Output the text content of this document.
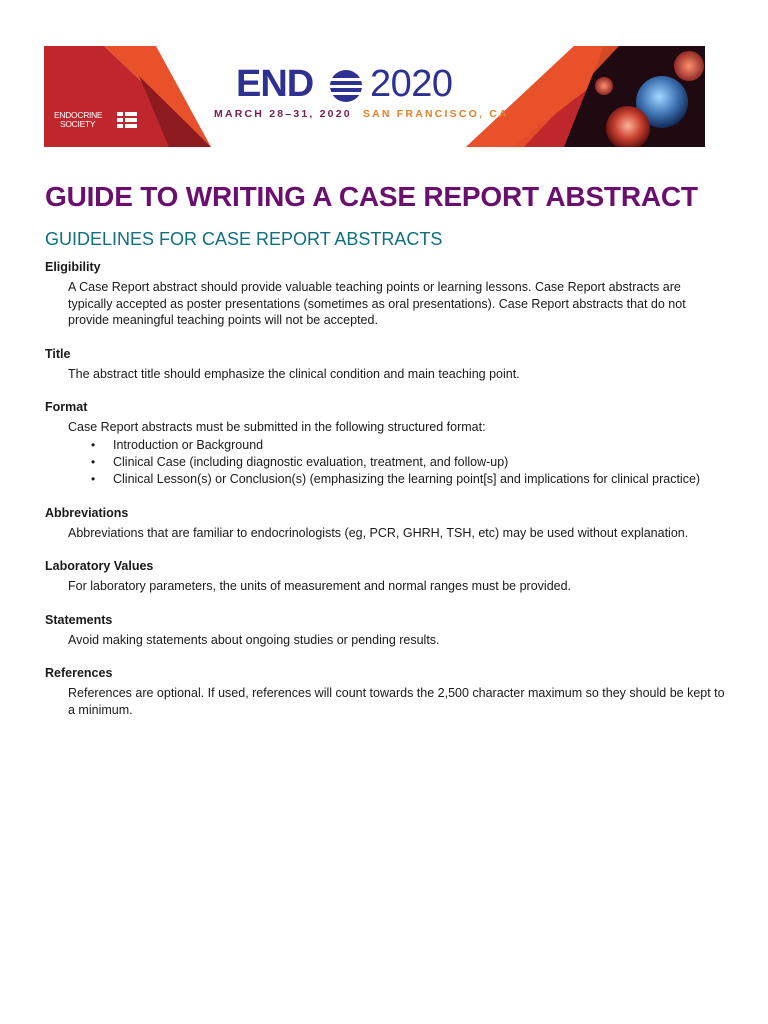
ENDOCRINE
SOCIETY
END 2020
MARCH 28–31, 2020 SAN FRANCISCO, CA
GUIDE TO WRITING A CASE REPORT ABSTRACT
GUIDELINES FOR CASE REPORT ABSTRACTS
Eligibility

A Case Report abstract should provide valuable teaching points or learning lessons. Case Report abstracts are typically accepted as poster presentations (sometimes as oral presentations). Case Report abstracts that do not provide meaningful teaching points will not be accepted.

Title

The abstract title should emphasize the clinical condition and main teaching point.

Format

Case Report abstracts must be submitted in the following structured format:

• Introduction or Background
• Clinical Case (including diagnostic evaluation, treatment, and follow-up)
• Clinical Lesson(s) or Conclusion(s) (emphasizing the learning point[s] and implications for clinical practice)
Abbreviations

Abbreviations that are familiar to endocrinologists (eg, PCR, GHRH, TSH, etc) may be used without explanation.

Laboratory Values

For laboratory parameters, the units of measurement and normal ranges must be provided.

Statements

Avoid making statements about ongoing studies or pending results.

References

References are optional. If used, references will count towards the 2,500 character maximum so they should be kept to a minimum.
